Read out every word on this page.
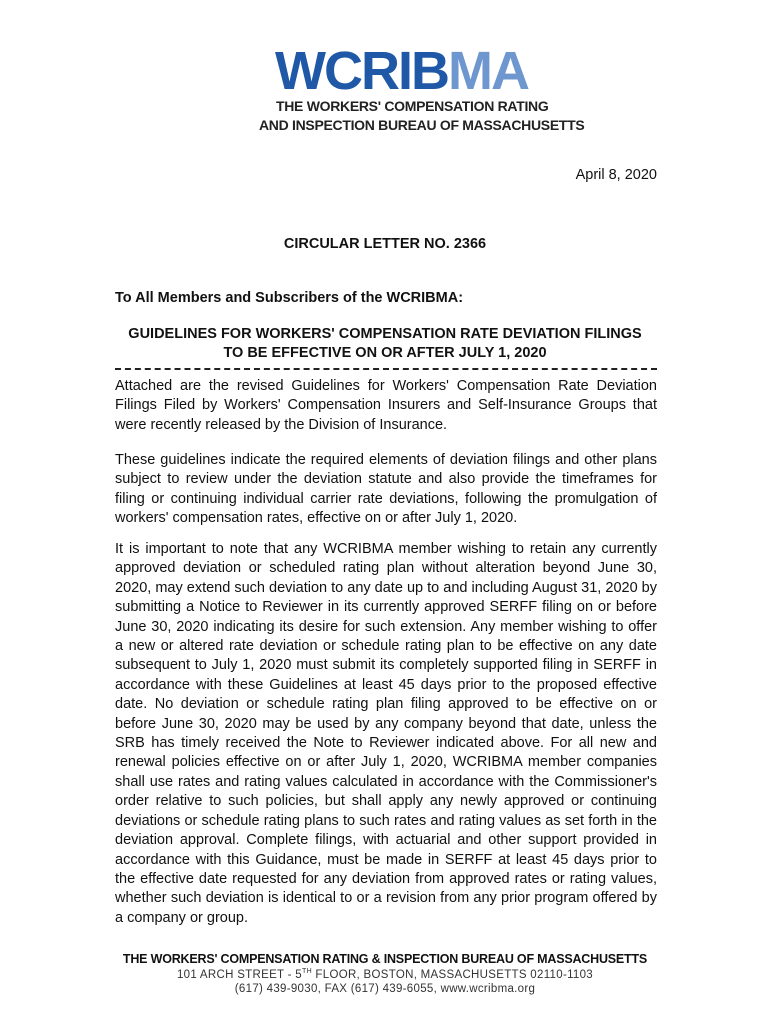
WCRIBMA
THE WORKERS' COMPENSATION RATING
AND INSPECTION BUREAU OF MASSACHUSETTS
April 8, 2020
CIRCULAR LETTER NO. 2366
To All Members and Subscribers of the WCRIBMA:
GUIDELINES FOR WORKERS' COMPENSATION RATE DEVIATION FILINGS
TO BE EFFECTIVE ON OR AFTER JULY 1, 2020

Attached are the revised Guidelines for Workers' Compensation Rate Deviation Filings Filed by Workers' Compensation Insurers and Self-Insurance Groups that were recently released by the Division of Insurance.

These guidelines indicate the required elements of deviation filings and other plans subject to review under the deviation statute and also provide the timeframes for filing or continuing individual carrier rate deviations, following the promulgation of workers' compensation rates, effective on or after July 1, 2020.

It is important to note that any WCRIBMA member wishing to retain any currently approved deviation or scheduled rating plan without alteration beyond June 30, 2020, may extend such deviation to any date up to and including August 31, 2020 by submitting a Notice to Reviewer in its currently approved SERFF filing on or before June 30, 2020 indicating its desire for such extension. Any member wishing to offer a new or altered rate deviation or schedule rating plan to be effective on any date subsequent to July 1, 2020 must submit its completely supported filing in SERFF in accordance with these Guidelines at least 45 days prior to the proposed effective date. No deviation or schedule rating plan filing approved to be effective on or before June 30, 2020 may be used by any company beyond that date, unless the SRB has timely received the Note to Reviewer indicated above. For all new and renewal policies effective on or after July 1, 2020, WCRIBMA member companies shall use rates and rating values calculated in accordance with the Commissioner's order relative to such policies, but shall apply any newly approved or continuing deviations or schedule rating plans to such rates and rating values as set forth in the deviation approval. Complete filings, with actuarial and other support provided in accordance with this Guidance, must be made in SERFF at least 45 days prior to the effective date requested for any deviation from approved rates or rating values, whether such deviation is identical to or a revision from any prior program offered by a company or group.

THE WORKERS' COMPENSATION RATING & INSPECTION BUREAU OF MASSACHUSETTS
101 ARCH STREET - 5TH FLOOR, BOSTON, MASSACHUSETTS 02110-1103
(617) 439-9030, FAX (617) 439-6055, www.wcribma.org
